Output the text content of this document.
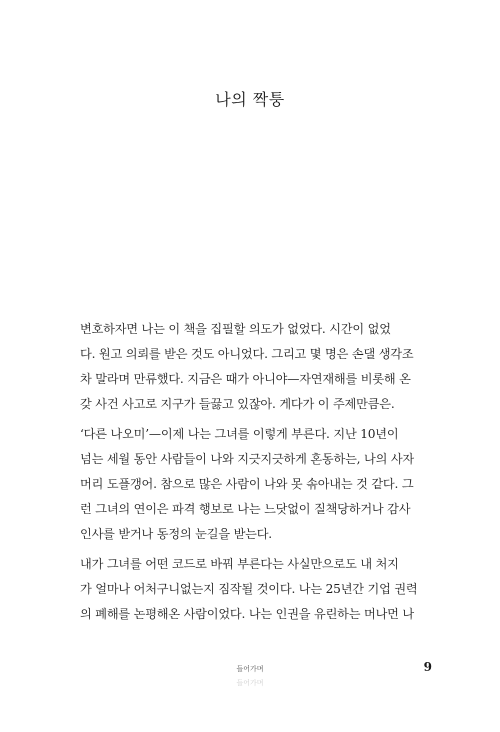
나의 짝퉁
변호하자면 나는 이 책을 집필할 의도가 없었다. 시간이 없었
다. 원고 의뢰를 받은 것도 아니었다. 그리고 몇 명은 손댈 생각조
차 말라며 만류했다. 지금은 때가 아니야—자연재해를 비롯해 온
갖 사건 사고로 지구가 들끓고 있잖아. 게다가 이 주제만큼은.
‘다른 나오미’—이제 나는 그녀를 이렇게 부른다. 지난 10년이
넘는 세월 동안 사람들이 나와 지긋지긋하게 혼동하는, 나의 사자
머리 도플갱어. 참으로 많은 사람이 나와 못 솎아내는 것 같다. 그
런 그녀의 연이은 파격 행보로 나는 느닷없이 질책당하거나 감사
인사를 받거나 동정의 눈길을 받는다.
내가 그녀를 어떤 코드로 바꿔 부른다는 사실만으로도 내 처지
가 얼마나 어처구니없는지 짐작될 것이다. 나는 25년간 기업 권력
의 폐해를 논평해온 사람이었다. 나는 인권을 유린하는 머나먼 나
들어가며
들어가며
9
